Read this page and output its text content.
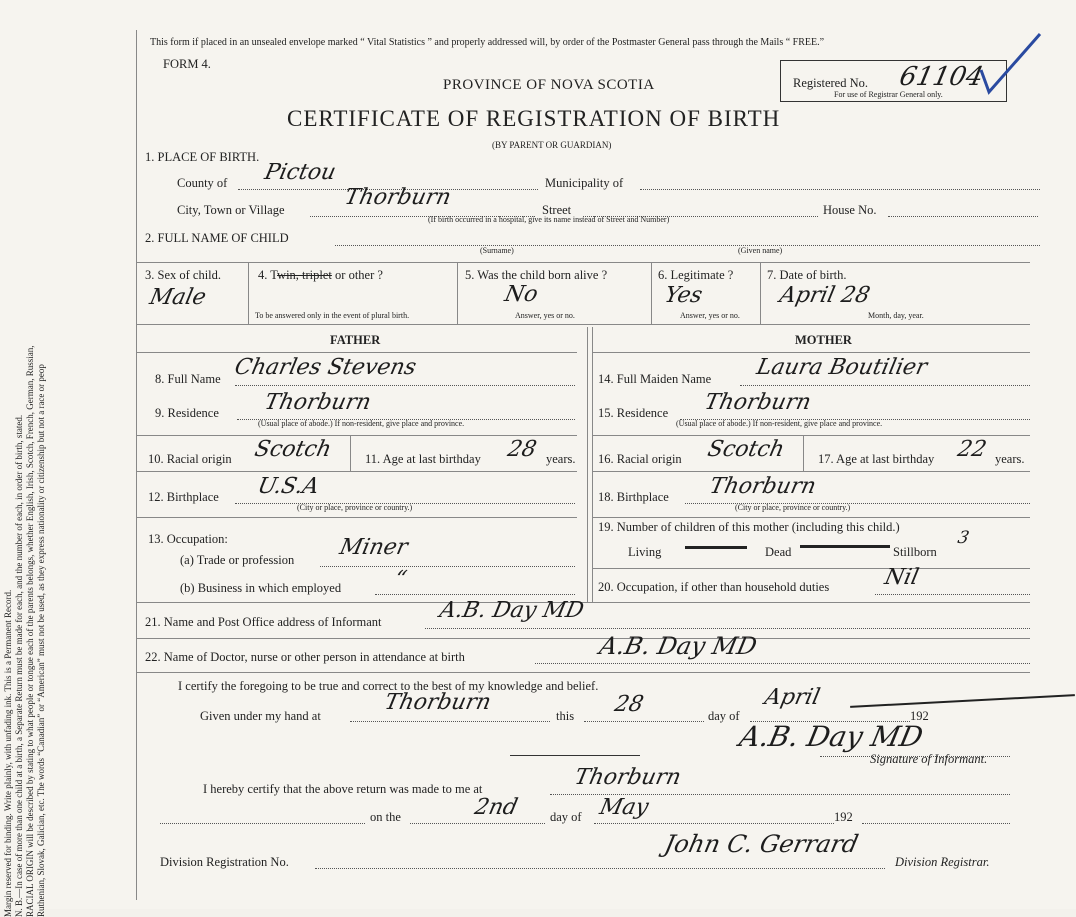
Margin reserved for binding. Write plainly, with unfading ink. This is a Permanent Record. N. B.—In case of more than one child at a birth, a Separate Return must be made for each, and the number of each, in order of birth, stated. RACIAL ORIGIN will be described by stating to what people or tongue each of the parents belongs, whether English, Irish, Scotch, French, German, Russian, Ruthenian, Slovak, Galician, etc. The words “Canadian” or “American” must not be used, as they express nationality or citizenship but not a race or peop
This form if placed in an unsealed envelope marked “ Vital Statistics ” and properly addressed will, by order of the Postmaster General pass through the Mails “ FREE.”
FORM 4.
PROVINCE OF NOVA SCOTIA
CERTIFICATE OF REGISTRATION OF BIRTH
(BY PARENT OR GUARDIAN)
Registered No. 61104
For use of Registrar General only.
1. PLACE OF BIRTH.
County of Pictou	Municipality of
City, Town or Village	Thorburn	Street	House No.
(If birth occurred in a hospital, give its name instead of Street and Number)
2. FULL NAME OF CHILD
(Surname)	(Given name)
3. Sex of child.
Male
4. Twin, triplet or other ?
To be answered only in the event of plural birth.
5. Was the child born alive ?
No
Answer, yes or no.
6. Legitimate ?
Yes
Answer, yes or no.
7. Date of birth.
April 28
Month, day, year.
FATHER	MOTHER
8. Full Name Charles Stevens
9. Residence Thorburn
(Usual place of abode.) If non-resident, give place and province.
10. Racial origin Scotch	11. Age at last birthday 28 years.
12. Birthplace U.S.A
(City or place, province or country.)
13. Occupation:
(a) Trade or profession Miner
(b) Business in which employed “
14. Full Maiden Name Laura Boutilier
15. Residence Thorburn
(Usual place of abode.) If non-resident, give place and province.
16. Racial origin Scotch	17. Age at last birthday 22 years.
18. Birthplace Thorburn
(City or place, province or country.)
19. Number of children of this mother (including this child.)
Living	Dead	Stillborn
3
20. Occupation, if other than household duties Nil
21. Name and Post Office address of Informant	A.B. Day MD
22. Name of Doctor, nurse or other person in attendance at birth	A.B. Day MD
I certify the foregoing to be true and correct to the best of my knowledge and belief.
Given under my hand at
Thorburn
this 28	day of
April
192
A.B. Day MD
Signature of Informant.
I hereby certify that the above return was made to me at	Thorburn
on the	2nd day of May	192
John C. Gerrard
Division Registration No.	Division Registrar.
